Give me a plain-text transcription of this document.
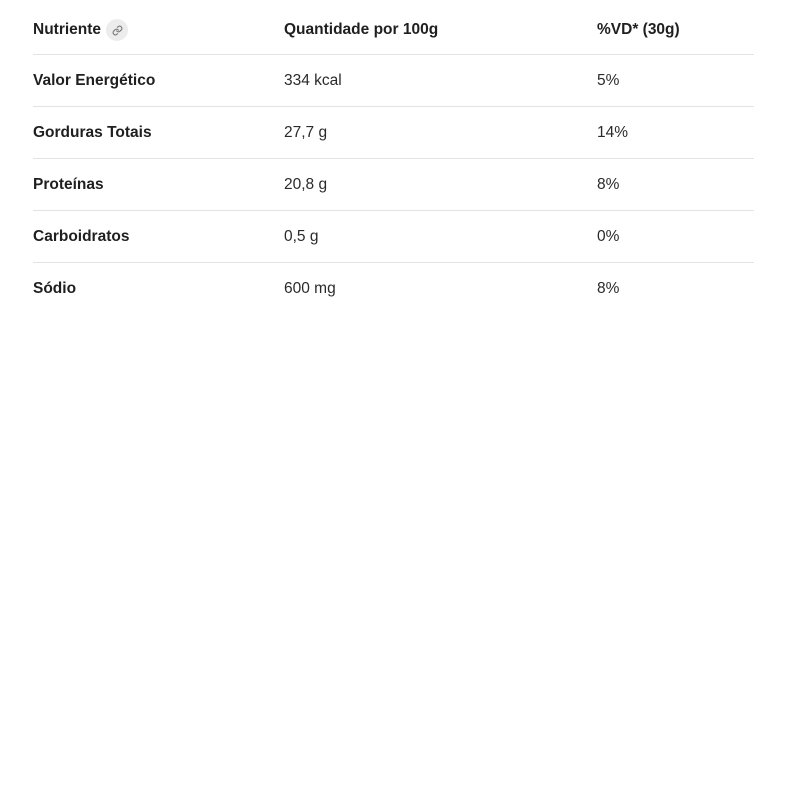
Nutriente	Quantidade por 100g	%VD* (30g)
Valor Energético	334 kcal	5%
Gorduras Totais	27,7 g	14%
Proteínas	20,8 g	8%
Carboidratos	0,5 g	0%
Sódio	600 mg	8%
